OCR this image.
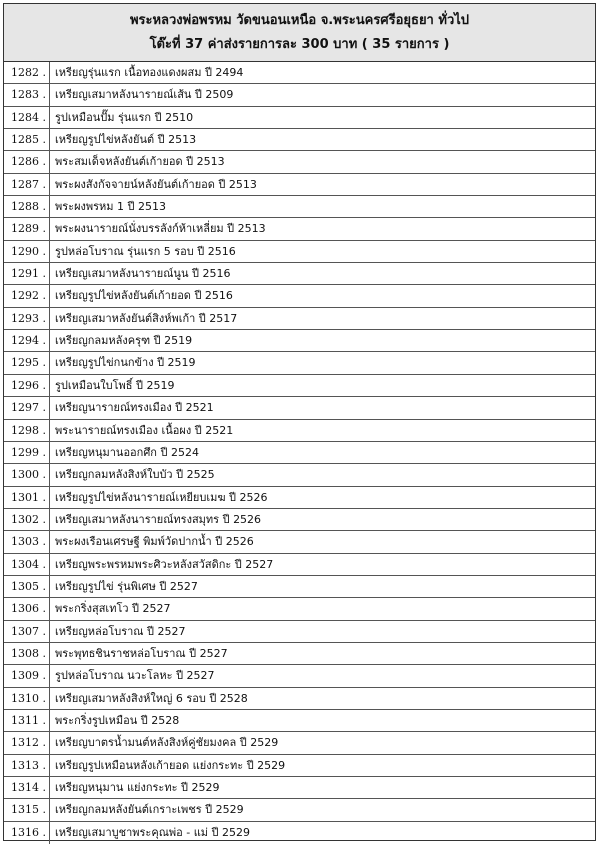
พระหลวงพ่อพรหม วัดขนอนเหนือ จ.พระนครศรีอยุธยา ทั่วไป
โต๊ะที่ 37 ค่าส่งรายการละ 300 บาท ( 35 รายการ )
1282 . เหรียญรุ่นแรก เนื้อทองแดงผสม ปี 2494
1283 . เหรียญเสมาหลังนารายณ์เส้น ปี 2509
1284 . รูปเหมือนปั๊ม รุ่นแรก ปี 2510
1285 . เหรียญรูปไข่หลังยันต์ ปี 2513
1286 . พระสมเด็จหลังยันต์เก้ายอด ปี 2513
1287 . พระผงสังกัจจายน์หลังยันต์เก้ายอด ปี 2513
1288 . พระผงพรหม 1 ปี 2513
1289 . พระผงนารายณ์นั่งบรรลังก์ห้าเหลี่ยม ปี 2513
1290 . รูปหล่อโบราณ รุ่นแรก 5 รอบ ปี 2516
1291 . เหรียญเสมาหลังนารายณ์นูน ปี 2516
1292 . เหรียญรูปไข่หลังยันต์เก้ายอด ปี 2516
1293 . เหรียญเสมาหลังยันต์สิงห์พเก้า ปี 2517
1294 . เหรียญกลมหลังครุฑ ปี 2519
1295 . เหรียญรูปไข่กนกข้าง ปี 2519
1296 . รูปเหมือนใบโพธิ์ ปี 2519
1297 . เหรียญนารายณ์ทรงเมือง ปี 2521
1298 . พระนารายณ์ทรงเมือง เนื้อผง ปี 2521
1299 . เหรียญหนุมานออกศึก ปี 2524
1300 . เหรียญกลมหลังสิงห์ใบบัว ปี 2525
1301 . เหรียญรูปไข่หลังนารายณ์เหยียบเมฆ ปี 2526
1302 . เหรียญเสมาหลังนารายณ์ทรงสมุทร ปี 2526
1303 . พระผงเรือนเศรษฐี พิมพ์วัดปากน้ำ ปี 2526
1304 . เหรียญพระพรหมพระศิวะหลังสวัสดิกะ ปี 2527
1305 . เหรียญรูปไข่ รุ่นพิเศษ ปี 2527
1306 . พระกริ่งสุสเทโว ปี 2527
1307 . เหรียญหล่อโบราณ ปี 2527
1308 . พระพุทธชินราชหล่อโบราณ ปี 2527
1309 . รูปหล่อโบราณ นวะโลหะ ปี 2527
1310 . เหรียญเสมาหลังสิงห์ใหญ่ 6 รอบ ปี 2528
1311 . พระกริ่งรูปเหมือน ปี 2528
1312 . เหรียญบาตรน้ำมนต์หลังสิงห์คู่ชัยมงคล ปี 2529
1313 . เหรียญรูปเหมือนหลังเก้ายอด แย่งกระทะ ปี 2529
1314 . เหรียญหนุมาน แย่งกระทะ ปี 2529
1315 . เหรียญกลมหลังยันต์เกราะเพชร ปี 2529
1316 . เหรียญเสมาบูชาพระคุณพ่อ - แม่ ปี 2529
